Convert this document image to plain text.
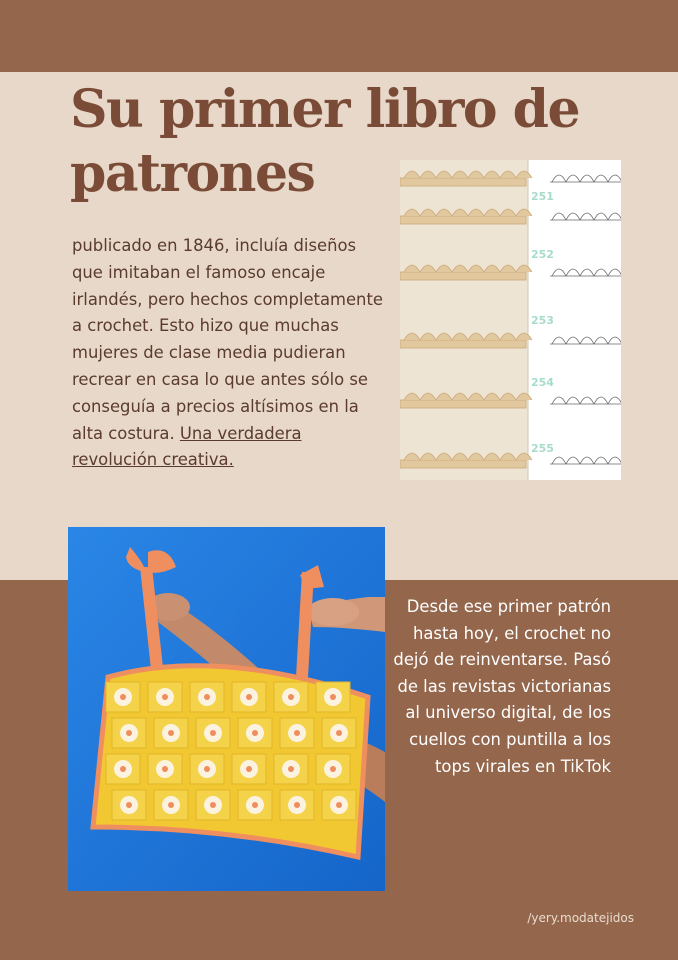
Su primer libro de patrones

publicado en 1846, incluía diseños que imitaban el famoso encaje irlandés, pero hechos completamente a crochet. Esto hizo que muchas mujeres de clase media pudieran recrear en casa lo que antes sólo se conseguía a precios altísimos en la alta costura. Una verdadera revolución creativa.

251
252
253
254
255

Desde ese primer patrón hasta hoy, el crochet no dejó de reinventarse. Pasó de las revistas victorianas al universo digital, de los cuellos con puntilla a los tops virales en TikTok

/yery.modatejidos
